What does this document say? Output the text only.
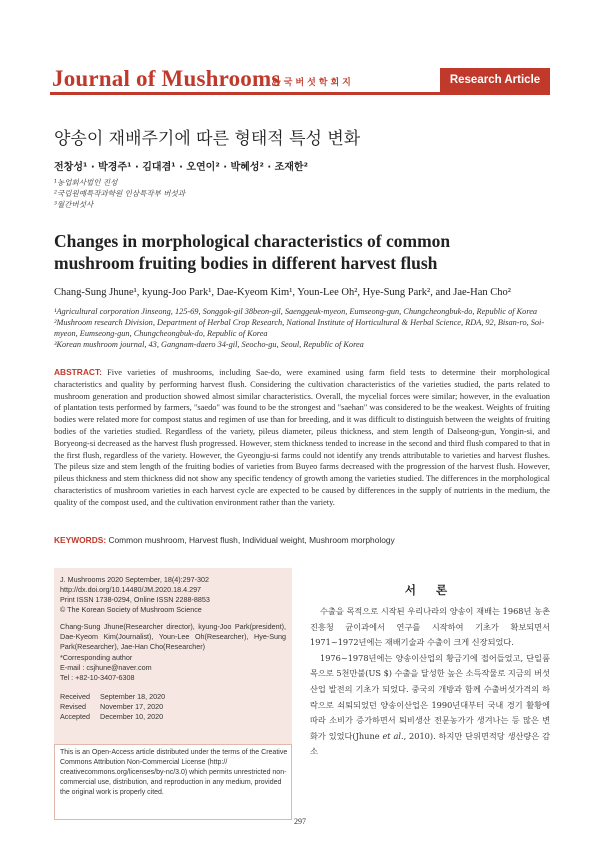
Journal of Mushrooms
한국버섯학회지	Research Article
양송이 재배주기에 따른 형태적 특성 변화
전창성¹ · 박경주¹ · 김대겸¹ · 오연이² · 박혜성² · 조재한²
¹농업회사법인 진성
²국립원예특작과학원 인삼특작부 버섯과
³월간버섯사
Changes in morphological characteristics of common mushroom fruiting bodies in different harvest flush
Chang-Sung Jhune¹, kyung-Joo Park¹, Dae-Kyeom Kim¹, Youn-Lee Oh², Hye-Sung Park², and Jae-Han Cho²
¹Agricultural corporation Jinseong, 125-69, Songgok-gil 38beon-gil, Saenggeuk-myeon, Eumseong-gun, Chungcheongbuk-do, Republic of Korea
²Mushroom research Division, Department of Herbal Crop Research, National Institute of Horticultural & Herbal Science, RDA, 92, Bisan-ro, Soi-myeon, Eumseong-gun, Chungcheongbuk-do, Republic of Korea
³Korean mushroom journal, 43, Gangnam-daero 34-gil, Seocho-gu, Seoul, Republic of Korea
ABSTRACT: Five varieties of mushrooms, including Sae-do, were examined using farm field tests to determine their morphological characteristics and quality by performing harvest flush. Considering the cultivation characteristics of the varieties studied, the parts related to mushroom generation and production showed almost similar characteristics. Overall, the mycelial forces were similar; however, in the evaluation of plantation tests performed by farmers, "saedo" was found to be the strongest and "saehan" was considered to be the weakest. Weights of fruiting bodies were related more for compost status and regimen of use than for breeding, and it was difficult to distinguish between the weights of fruiting bodies of the varieties studied. Regardless of the variety, pileus diameter, pileus thickness, and stem length of Dalseong-gun, Yongin-si, and Boryeong-si decreased as the harvest flush progressed. However, stem thickness tended to increase in the second and third flush compared to that in the first flush, regardless of the variety. However, the Gyeongju-si farms could not identify any trends attributable to varieties and harvest flushes. The pileus size and stem length of the fruiting bodies of varieties from Buyeo farms decreased with the progression of the harvest flush. However, pileus thickness and stem thickness did not show any specific tendency of growth among the varieties studied. The differences in the morphological characteristics of mushroom varieties in each harvest cycle are expected to be caused by differences in the supply of nutrients in the medium, the quality of the compost used, and the cultivation environment rather than the variety.
KEYWORDS: Common mushroom, Harvest flush, Individual weight, Mushroom morphology
J. Mushrooms 2020 September, 18(4):297-302
http://dx.doi.org/10.14480/JM.2020.18.4.297
Print ISSN 1738-0294, Online ISSN 2288-8853
© The Korean Society of Mushroom Science
Chang-Sung Jhune(Researcher director), kyung-Joo Park(president), Dae-Kyeom Kim(Journalist), Youn-Lee Oh(Researcher), Hye-Sung Park(Researcher), Jae-Han Cho(Researcher)
*Corresponding author
E-mail : csjhune@naver.com
Tel : +82-10-3407-6308
Received September 18, 2020
Revised November 17, 2020
Accepted December 10, 2020
This is an Open-Access article distributed under the terms of the Creative Commons Attribution Non-Commercial License (http:// creativecommons.org/licenses/by-nc/3.0) which permits unrestricted non-commercial use, distribution, and reproduction in any medium, provided the original work is properly cited.
서 론

수출을 목적으로 시작된 우리나라의 양송이 재배는 1968년 농촌진흥청 균이과에서 연구를 시작하여 기초가 확보되면서 1971~1972년에는 재배기술과 수출이 크게 신장되었다.

1976~1978년에는 양송이산업의 황금기에 접어들었고, 단일품목으로 5천만불(US $) 수출을 달성한 높은 소득작물로 지금의 버섯산업 발전의 기초가 되었다. 중국의 개방과 함께 수출버섯가격의 하락으로 쇠퇴되었던 양송이산업은 1990년대부터 국내 경기 활황에 따라 소비가 증가하면서 퇴비생산 전문농가가 생겨나는 등 많은 변화가 있었다(Jhune et al., 2010). 하지만 단위면적당 생산량은 감소

297
